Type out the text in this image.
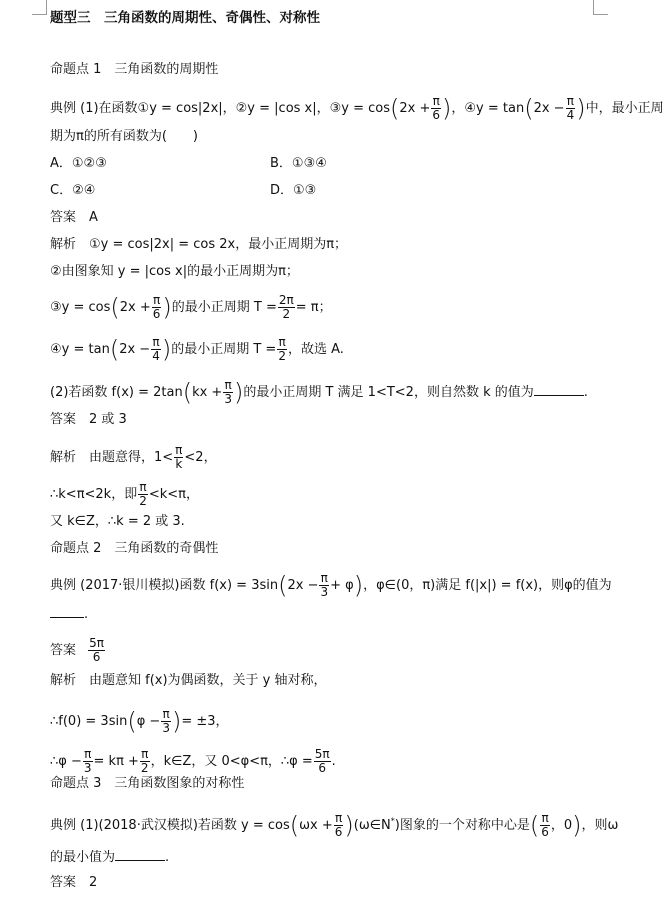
题型三　三角函数的周期性、奇偶性、对称性
命题点 1　三角函数的周期性
典例 (1)在函数①y = cos|2x|，②y = |cos x|，③y = $\cos(2x + \frac{\pi}{6}$ )，④y = $\tan(2x - \frac{\pi}{4}$ )中，最小正周
期为π的所有函数为(　　)
A．①②③	B．①③④
C．②④	D．①③
答案　A
解析　①y = cos|2x| = cos 2x，最小正周期为π；
②由图象知 y = |cos x|的最小正周期为π；
③y = $\cos(2x + \frac{\pi}{6}$ )的最小正周期 $T = \frac{2\pi}{2} = \pi$；
④y = $\tan(2x - \frac{\pi}{4}$ )的最小正周期 $T = \frac{\pi}{2}$ ，故选 A.
(2)若函数 $f(x) = 2\tan(kx + \frac{\pi}{3}$ )的最小正周期 T 满足 1<T<2，则自然数 k 的值为	.
答案　2 或 3
解析　由题意得，$1< \frac{\pi}{k} <2$，
∴k<π<2k，即 $\frac{\pi}{2} <k<\pi$，
又 k∈Z，∴k = 2 或 3.
命题点 2　三角函数的奇偶性
典例 (2017·银川模拟)函数 $f(x) = 3\sin(2x - \frac{\pi}{3} + \varphi)$，φ∈(0，π)满足 f(|x|) = f(x)，则φ的值为
.
答案 $\frac{5\pi}{6}$
解析　由题意知 f(x)为偶函数，关于 y 轴对称，
∴f(0) = $3\sin(\varphi - \frac{\pi}{3}$ )= ±3，
∴φ − $\frac{\pi}{3} = k\pi + \frac{\pi}{2}$ ，k∈Z，又 0<φ<π，∴φ = $\frac{5\pi}{6}$ .
命题点 3　三角函数图象的对称性
典例 (1)(2018·武汉模拟)若函数 $y = \cos(\omega x + \frac{\pi}{6}$ )(ω∈N*)图象的一个对称中心是( $\frac{\pi}{6}$ ，0)，则ω
的最小值为	.
答案　2
